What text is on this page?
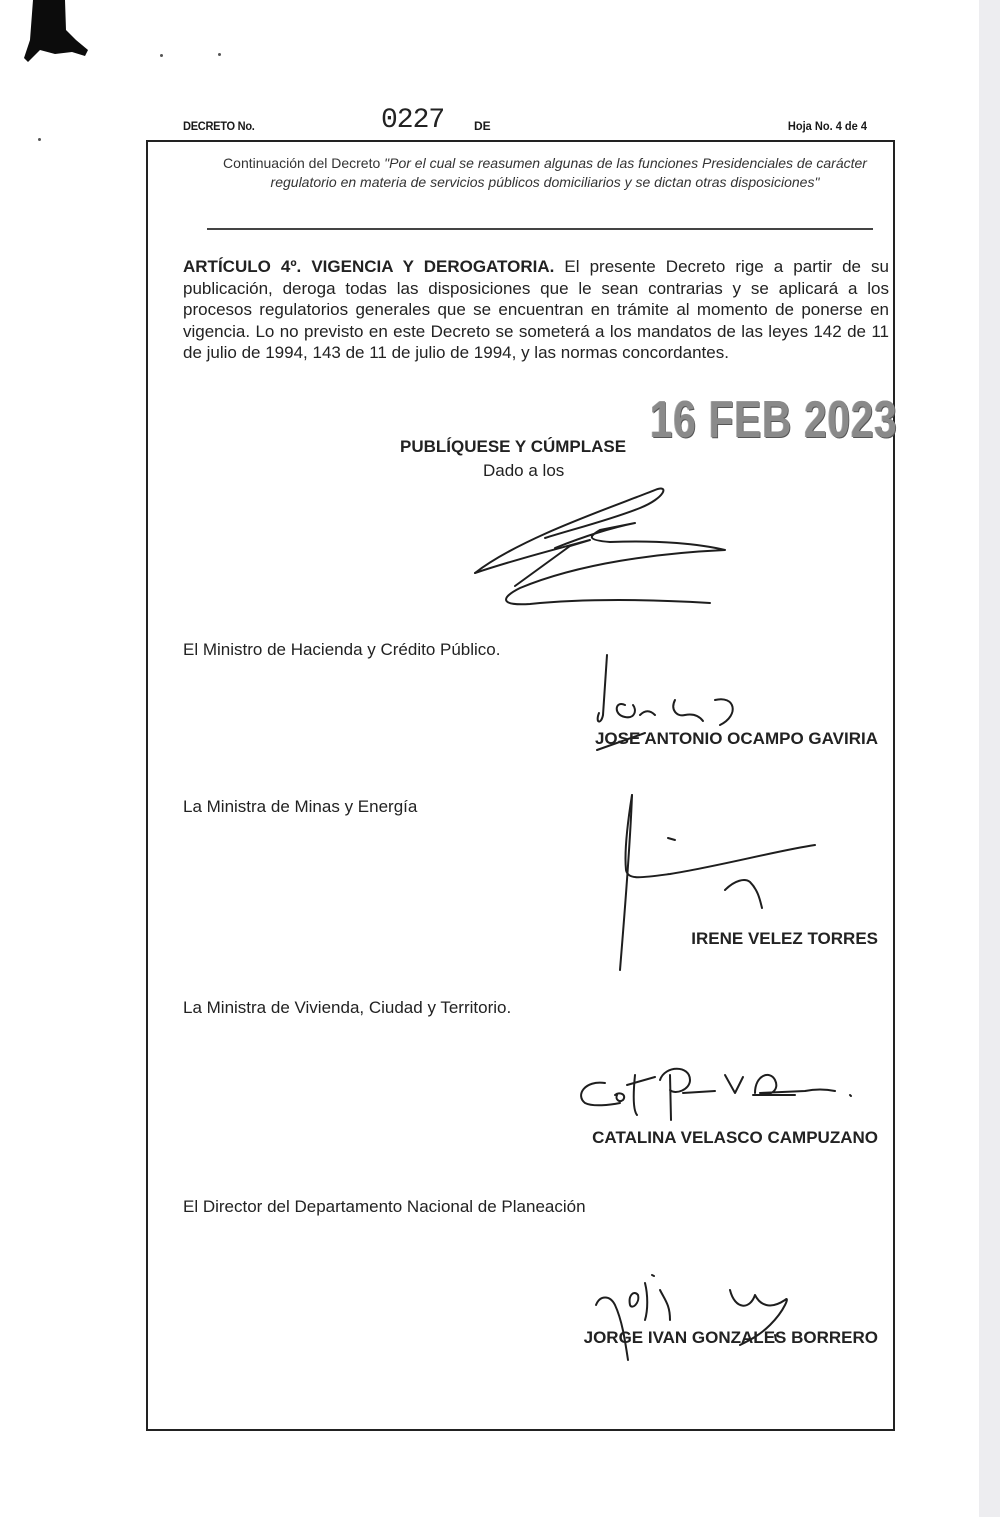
DECRETO No.	0227 DE	Hoja No. 4 de 4
Continuación del Decreto "Por el cual se reasumen algunas de las funciones Presidenciales de carácter regulatorio en materia de servicios públicos domiciliarios y se dictan otras disposiciones"
ARTÍCULO 4º. VIGENCIA Y DEROGATORIA. El presente Decreto rige a partir de su publicación, deroga todas las disposiciones que le sean contrarias y se aplicará a los procesos regulatorios generales que se encuentran en trámite al momento de ponerse en vigencia. Lo no previsto en este Decreto se someterá a los mandatos de las leyes 142 de 11 de julio de 1994, 143 de 11 de julio de 1994, y las normas concordantes.
PUBLÍQUESE Y CÚMPLASE 16 FEB 2023
Dado a los
El Ministro de Hacienda y Crédito Público.
JOSE ANTONIO OCAMPO GAVIRIA
La Ministra de Minas y Energía
IRENE VELEZ TORRES
La Ministra de Vivienda, Ciudad y Territorio.
CATALINA VELASCO CAMPUZANO
El Director del Departamento Nacional de Planeación
JORGE IVAN GONZALES BORRERO
